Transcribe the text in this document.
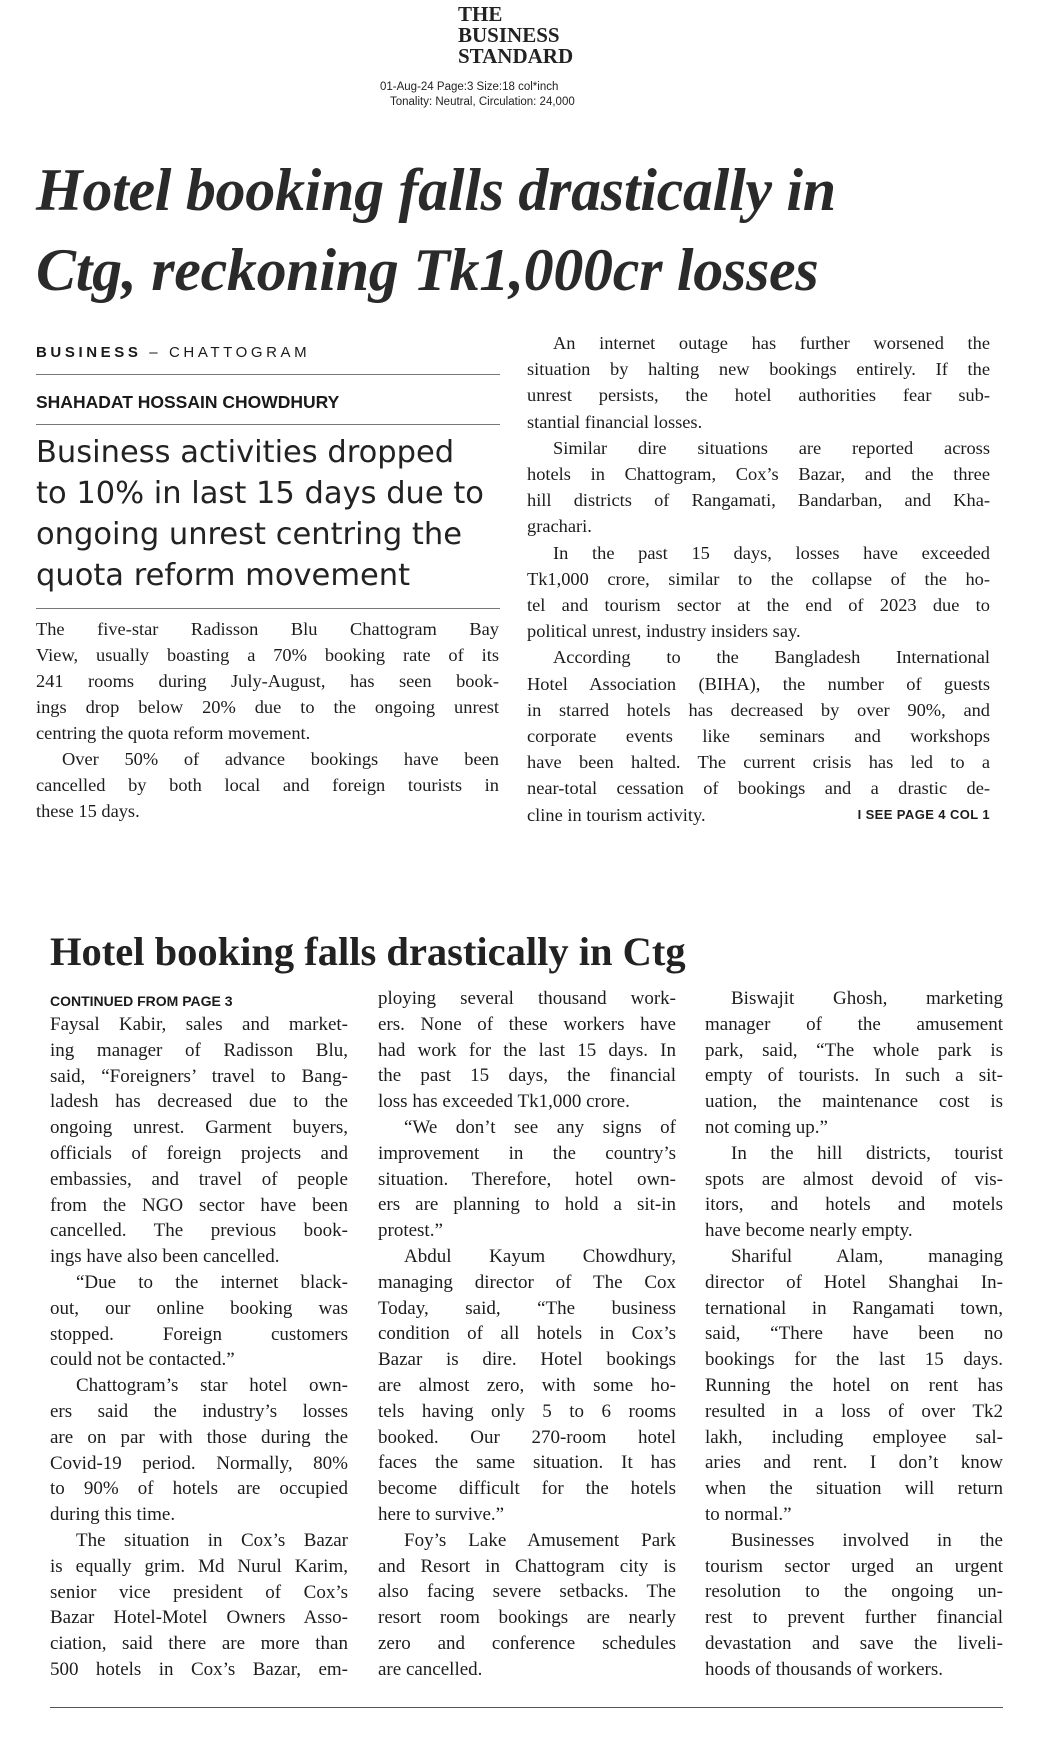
THE
BUSINESS
STANDARD
01-Aug-24 Page:3 Size:18 col*inch
Tonality: Neutral, Circulation: 24,000
Hotel booking falls drastically in
Ctg, reckoning Tk1,000cr losses
BUSINESS – CHATTOGRAM
SHAHADAT HOSSAIN CHOWDHURY
Business activities dropped
to 10% in last 15 days due to
ongoing unrest centring the
quota reform movement
The five-star Radisson Blu Chattogram Bay
View, usually boasting a 70% booking rate of its
241 rooms during July-August, has seen book-
ings drop below 20% due to the ongoing unrest
centring the quota reform movement.
Over 50% of advance bookings have been
cancelled by both local and foreign tourists in
these 15 days.
An internet outage has further worsened the
situation by halting new bookings entirely. If the
unrest persists, the hotel authorities fear sub-
stantial financial losses.
Similar dire situations are reported across
hotels in Chattogram, Cox’s Bazar, and the three
hill districts of Rangamati, Bandarban, and Kha-
grachari.
In the past 15 days, losses have exceeded
Tk1,000 crore, similar to the collapse of the ho-
tel and tourism sector at the end of 2023 due to
political unrest, industry insiders say.
According to the Bangladesh International
Hotel Association (BIHA), the number of guests
in starred hotels has decreased by over 90%, and
corporate events like seminars and workshops
have been halted. The current crisis has led to a
near-total cessation of bookings and a drastic de-
cline in tourism activity.	I SEE PAGE 4 COL 1
Hotel booking falls drastically in Ctg
CONTINUED FROM PAGE 3
Faysal Kabir, sales and market-
ing manager of Radisson Blu,
said, “Foreigners’ travel to Bang-
ladesh has decreased due to the
ongoing unrest. Garment buyers,
officials of foreign projects and
embassies, and travel of people
from the NGO sector have been
cancelled. The previous book-
ings have also been cancelled.
“Due to the internet black-
out, our online booking was
stopped. Foreign customers
could not be contacted.”
Chattogram’s star hotel own-
ers said the industry’s losses
are on par with those during the
Covid-19 period. Normally, 80%
to 90% of hotels are occupied
during this time.
The situation in Cox’s Bazar
is equally grim. Md Nurul Karim,
senior vice president of Cox’s
Bazar Hotel-Motel Owners Asso-
ciation, said there are more than
500 hotels in Cox’s Bazar, em-
ploying several thousand work-
ers. None of these workers have
had work for the last 15 days. In
the past 15 days, the financial
loss has exceeded Tk1,000 crore.
“We don’t see any signs of
improvement in the country’s
situation. Therefore, hotel own-
ers are planning to hold a sit-in
protest.”
Abdul Kayum Chowdhury,
managing director of The Cox
Today, said, “The business
condition of all hotels in Cox’s
Bazar is dire. Hotel bookings
are almost zero, with some ho-
tels having only 5 to 6 rooms
booked. Our 270-room hotel
faces the same situation. It has
become difficult for the hotels
here to survive.”
Foy’s Lake Amusement Park
and Resort in Chattogram city is
also facing severe setbacks. The
resort room bookings are nearly
zero and conference schedules
are cancelled.
Biswajit Ghosh, marketing
manager of the amusement
park, said, “The whole park is
empty of tourists. In such a sit-
uation, the maintenance cost is
not coming up.”
In the hill districts, tourist
spots are almost devoid of vis-
itors, and hotels and motels
have become nearly empty.
Shariful Alam, managing
director of Hotel Shanghai In-
ternational in Rangamati town,
said, “There have been no
bookings for the last 15 days.
Running the hotel on rent has
resulted in a loss of over Tk2
lakh, including employee sal-
aries and rent. I don’t know
when the situation will return
to normal.”
Businesses involved in the
tourism sector urged an urgent
resolution to the ongoing un-
rest to prevent further financial
devastation and save the liveli-
hoods of thousands of workers.
